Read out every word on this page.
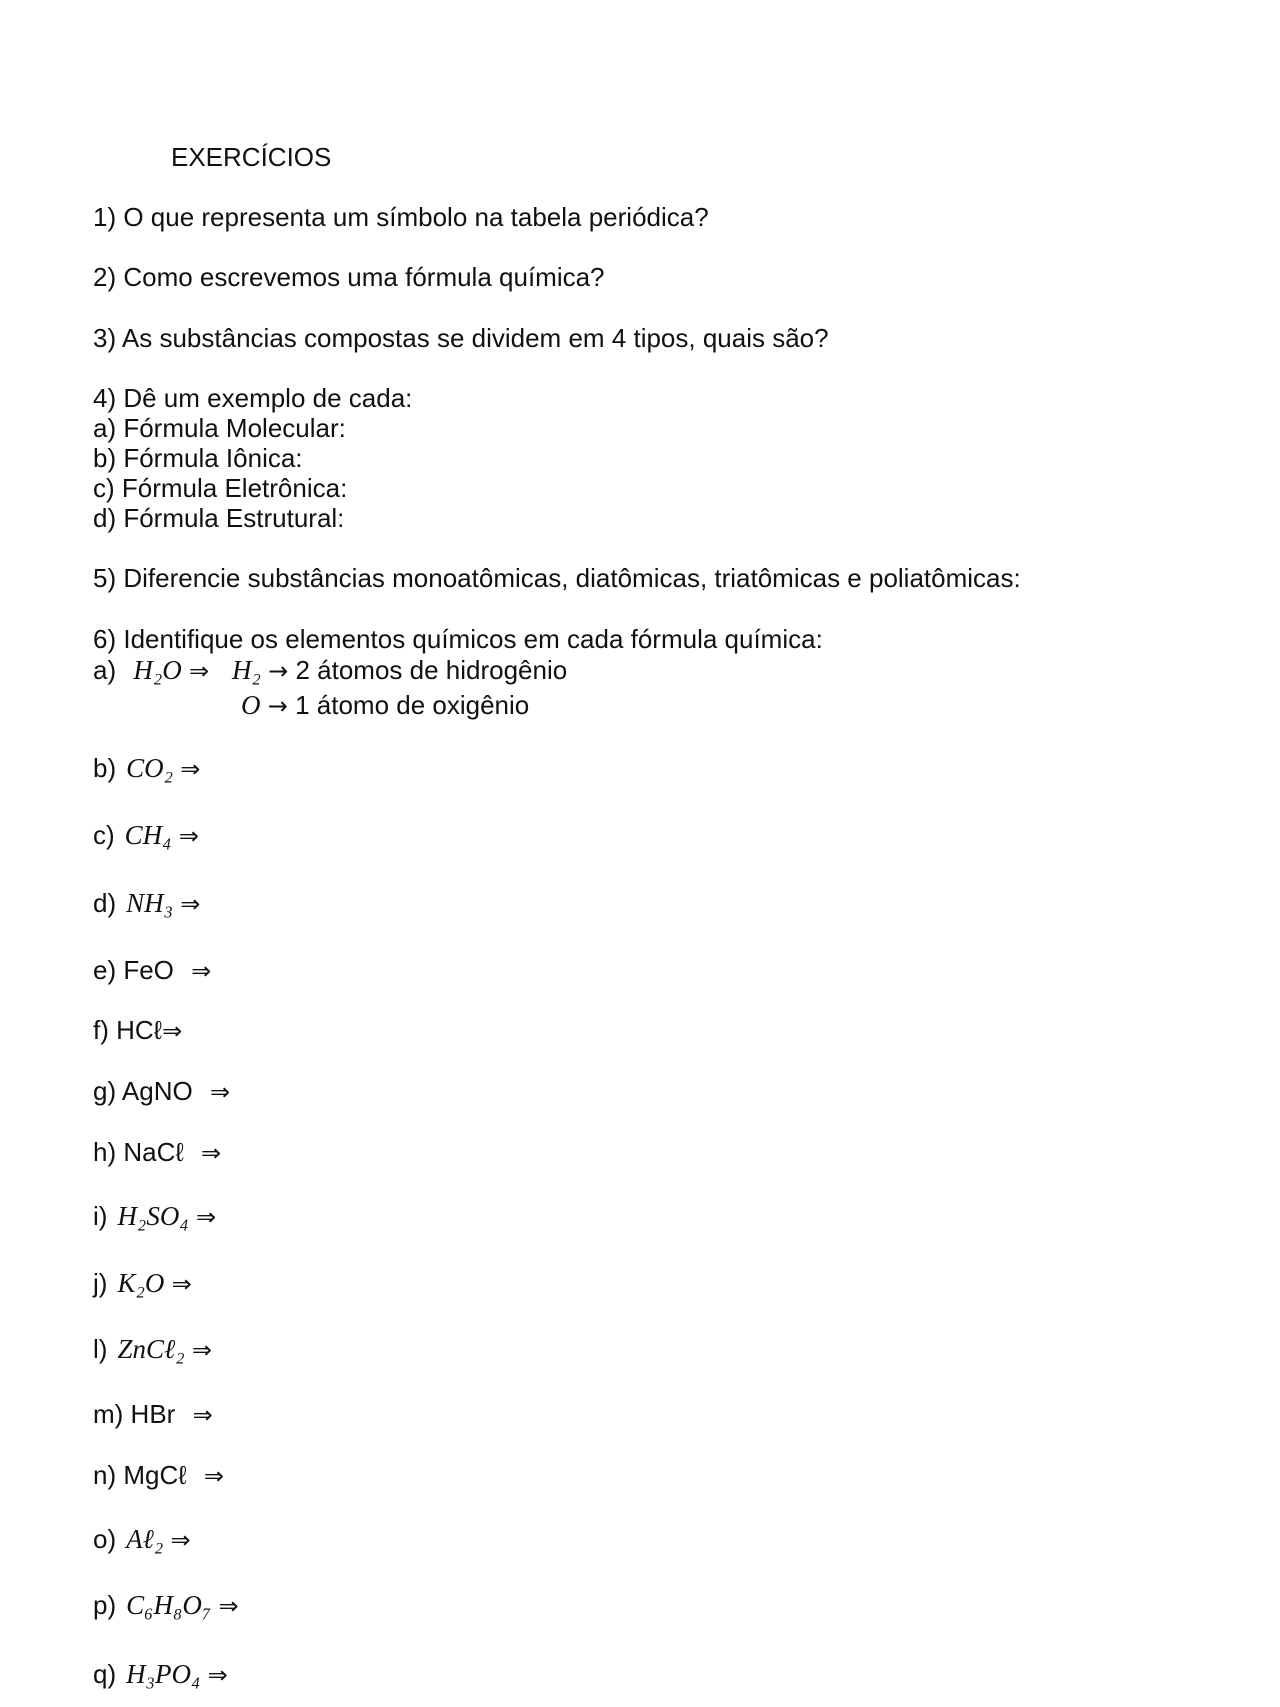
EXERCÍCIOS
1) O que representa um símbolo na tabela periódica?
2) Como escrevemos uma fórmula química?
3) As substâncias compostas se dividem em 4 tipos, quais são?
4) Dê um exemplo de cada:
a) Fórmula Molecular:
b) Fórmula Iônica:
c) Fórmula Eletrônica:
d) Fórmula Estrutural:
5) Diferencie substâncias monoatômicas, diatômicas, triatômicas e poliatômicas:
6) Identifique os elementos químicos em cada fórmula química:
a) H₂O ⇒ H₂ → 2 átomos de hidrogênio
O → 1 átomo de oxigênio
b) CO₂ ⇒
c) CH₄ ⇒
d) NH₃ ⇒
e) FeO ⇒
f) HCℓ⇒
g) AgNO ⇒
h) NaCℓ ⇒
i) H₂SO₄ ⇒
j) K₂O ⇒
l) ZnCℓ₂ ⇒
m) HBr ⇒
n) MgCℓ ⇒
o) Aℓ₂ ⇒
p) C₆H₈O₇ ⇒
q) H₃PO₄ ⇒
